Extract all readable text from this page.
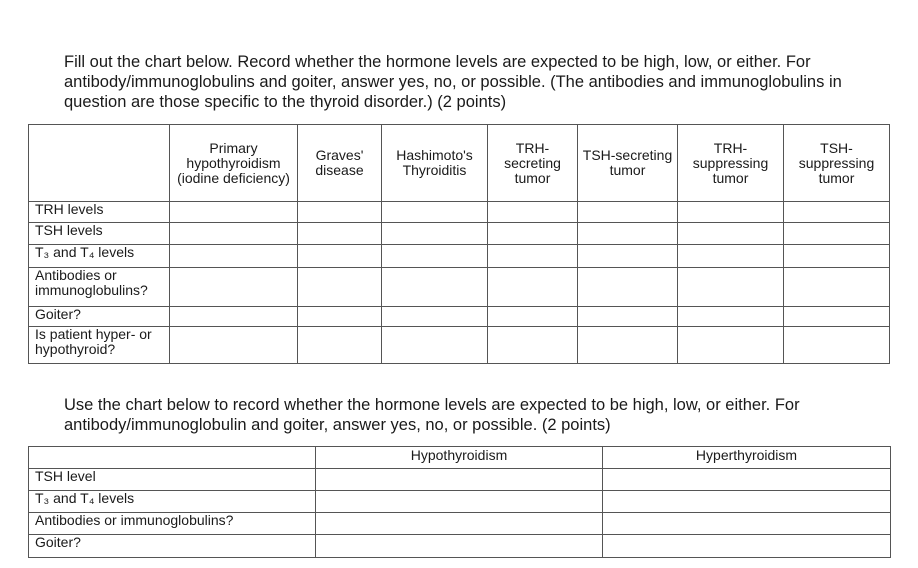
Fill out the chart below. Record whether the hormone levels are expected to be high, low, or either. For antibody/immunoglobulins and goiter, answer yes, no, or possible. (The antibodies and immunoglobulins in question are those specific to the thyroid disorder.) (2 points)

	Primary hypothyroidism (iodine deficiency)	Graves' disease	Hashimoto's Thyroiditis	TRH-secreting tumor	TSH-secreting tumor	TRH-suppressing tumor	TSH-suppressing tumor
TRH levels							
TSH levels							
T₃ and T₄ levels							
Antibodies or immunoglobulins?							
Goiter?							
Is patient hyper- or hypothyroid?							

Use the chart below to record whether the hormone levels are expected to be high, low, or either. For antibody/immunoglobulin and goiter, answer yes, no, or possible. (2 points)

	Hypothyroidism	Hyperthyroidism
TSH level		
T₃ and T₄ levels		
Antibodies or immunoglobulins?		
Goiter?		
